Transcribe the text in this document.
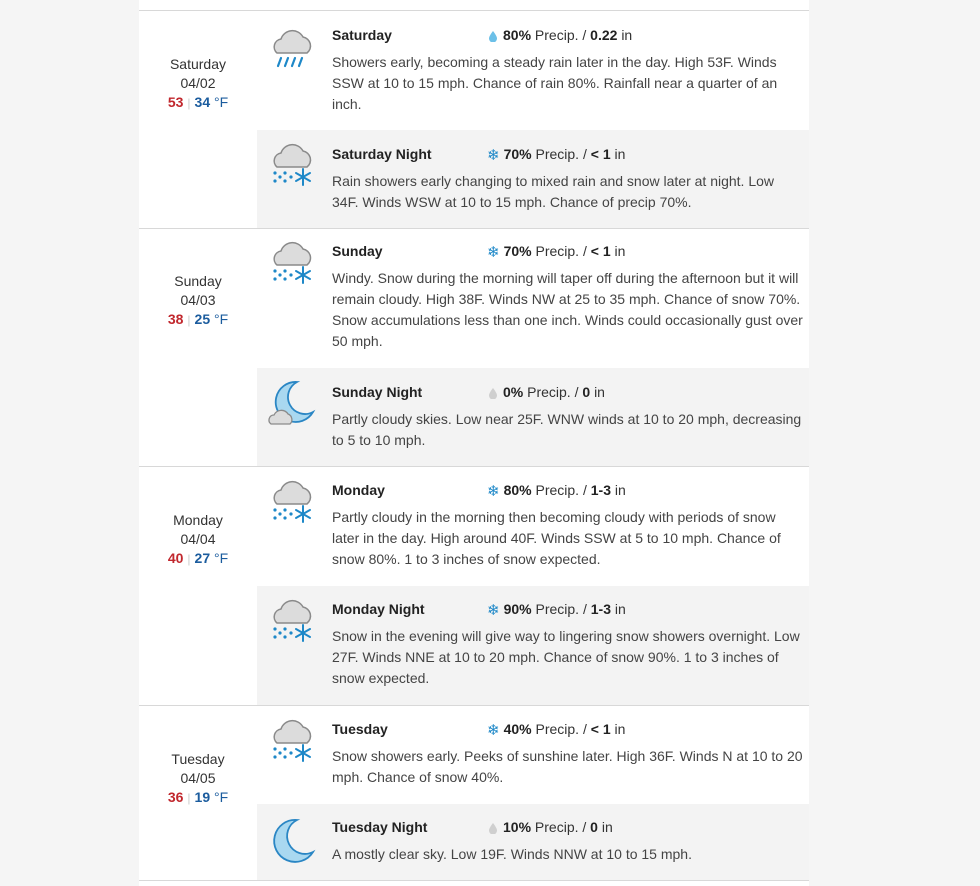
Saturday
04/02
53 | 34 °F
Saturday	80% Precip. / 0.22 in
Showers early, becoming a steady rain later in the day. High 53F. Winds SSW at 10 to 15 mph. Chance of rain 80%. Rainfall near a quarter of an inch.
Saturday Night	❄ 70% Precip. / < 1 in
Rain showers early changing to mixed rain and snow later at night. Low 34F. Winds WSW at 10 to 15 mph. Chance of precip 70%.
Sunday
04/03
38 | 25 °F
Sunday	❄ 70% Precip. / < 1 in
Windy. Snow during the morning will taper off during the afternoon but it will remain cloudy. High 38F. Winds NW at 25 to 35 mph. Chance of snow 70%. Snow accumulations less than one inch. Winds could occasionally gust over 50 mph.
Sunday Night	0% Precip. / 0 in
Partly cloudy skies. Low near 25F. WNW winds at 10 to 20 mph, decreasing to 5 to 10 mph.
Monday
04/04
40 | 27 °F
Monday	❄ 80% Precip. / 1-3 in
Partly cloudy in the morning then becoming cloudy with periods of snow later in the day. High around 40F. Winds SSW at 5 to 10 mph. Chance of snow 80%. 1 to 3 inches of snow expected.
Monday Night	❄ 90% Precip. / 1-3 in
Snow in the evening will give way to lingering snow showers overnight. Low 27F. Winds NNE at 10 to 20 mph. Chance of snow 90%. 1 to 3 inches of snow expected.
Tuesday
04/05
36 | 19 °F
Tuesday	❄ 40% Precip. / < 1 in
Snow showers early. Peeks of sunshine later. High 36F. Winds N at 10 to 20 mph. Chance of snow 40%.
Tuesday Night	10% Precip. / 0 in
A mostly clear sky. Low 19F. Winds NNW at 10 to 15 mph.
